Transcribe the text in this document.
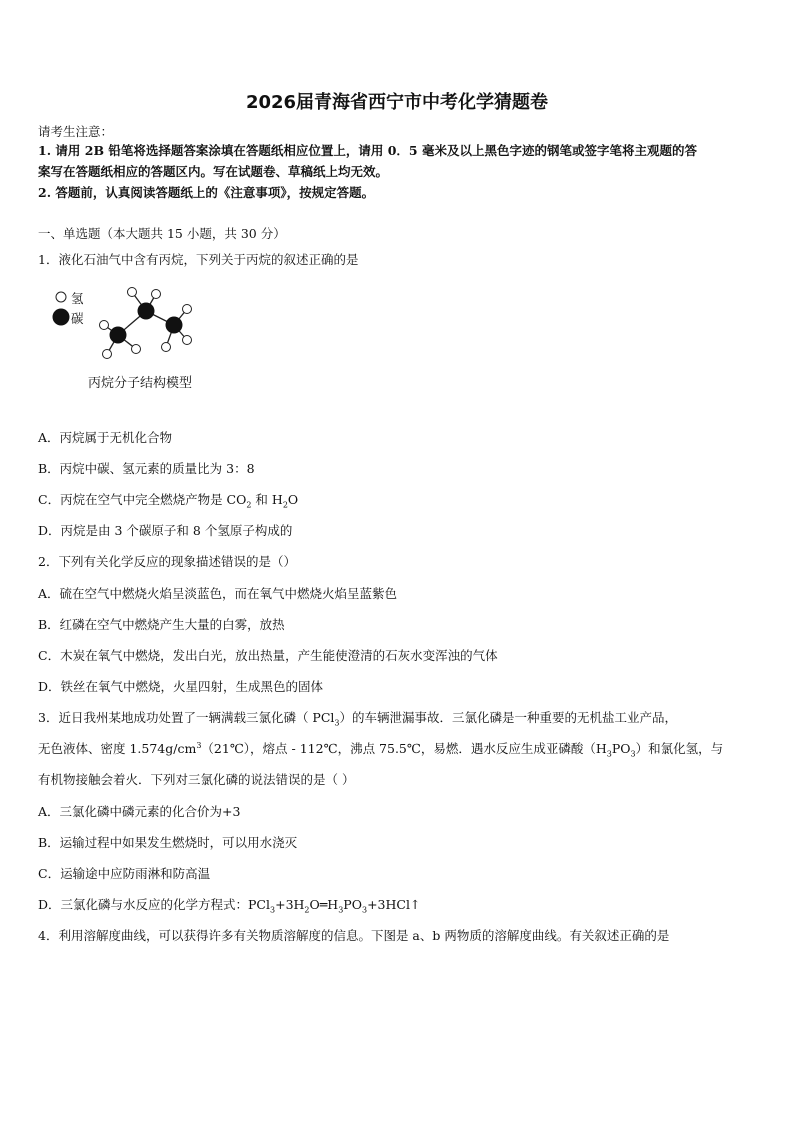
2026届青海省西宁市中考化学猜题卷
请考生注意：
1. 请用 2B 铅笔将选择题答案涂填在答题纸相应位置上，请用 0．5 毫米及以上黑色字迹的钢笔或签字笔将主观题的答
案写在答题纸相应的答题区内。写在试题卷、草稿纸上均无效。
2. 答题前，认真阅读答题纸上的《注意事项》，按规定答题。
一、单选题（本大题共 15 小题，共 30 分）
1．液化石油气中含有丙烷，下列关于丙烷的叙述正确的是
氢
碳
丙烷分子结构模型
A．丙烷属于无机化合物
B．丙烷中碳、氢元素的质量比为 3：8
C．丙烷在空气中完全燃烧产物是 $CO_2$ 和 $H_2O$
D．丙烷是由 3 个碳原子和 8 个氢原子构成的
2．下列有关化学反应的现象描述错误的是（）
A．硫在空气中燃烧火焰呈淡蓝色，而在氧气中燃烧火焰呈蓝紫色
B．红磷在空气中燃烧产生大量的白雾，放热
C．木炭在氧气中燃烧，发出白光，放出热量，产生能使澄清的石灰水变浑浊的气体
D．铁丝在氧气中燃烧，火星四射，生成黑色的固体
3．近日我州某地成功处置了一辆满载三氯化磷（ PCl$_3$）的车辆泄漏事故．三氯化磷是一种重要的无机盐工业产品，
无色液体、密度 $1.574g/cm^3(21℃)$，熔点 - 112℃，沸点 75.5℃，易燃．遇水反应生成亚磷酸$(H_3PO_3)$和氯化氢，与
有机物接触会着火．下列对三氯化磷的说法错误的是（ ）
A．三氯化磷中磷元素的化合价为+3
B．运输过程中如果发生燃烧时，可以用水浇灭
C．运输途中应防雨淋和防高温
D．三氯化磷与水反应的化学方程式：$PCl_3+3H_2O═H_3PO_3+3HCl↑$
4．利用溶解度曲线，可以获得许多有关物质溶解度的信息。下图是 a、b 两物质的溶解度曲线。有关叙述正确的是
